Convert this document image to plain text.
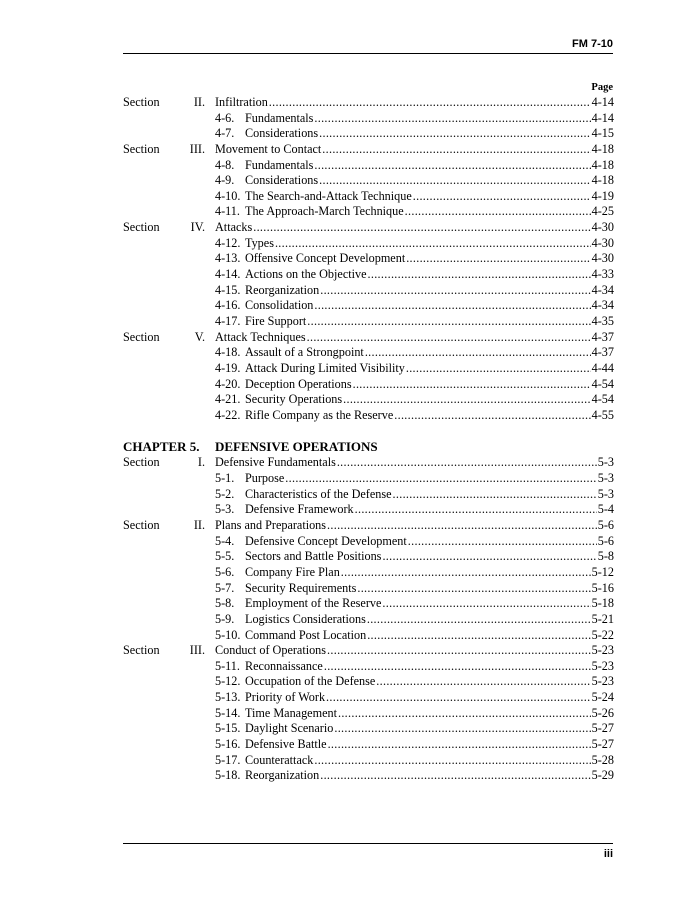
FM 7-10
Page
Section	II. Infiltration .....	4-14
4-6. Fundamentals .....	4-14
4-7. Considerations .....	4-15
Section	III. Movement to Contact .....	4-18
4-8. Fundamentals .....	4-18
4-9. Considerations .....	4-18
4-10. The Search-and-Attack Technique .....	4-19
4-11. The Approach-March Technique .....	4-25
Section	IV. Attacks .....	4-30
4-12. Types .....	4-30
4-13. Offensive Concept Development .....	4-30
4-14. Actions on the Objective .....	4-33
4-15. Reorganization .....	4-34
4-16. Consolidation .....	4-34
4-17. Fire Support .....	4-35
Section	V. Attack Techniques .....	4-37
4-18. Assault of a Strongpoint .....	4-37
4-19. Attack During Limited Visibility .....	4-44
4-20. Deception Operations .....	4-54
4-21. Security Operations .....	4-54
4-22. Rifle Company as the Reserve .....	4-55
CHAPTER 5. DEFENSIVE OPERATIONS
Section	I. Defensive Fundamentals .....	5-3
5-1. Purpose .....	5-3
5-2. Characteristics of the Defense .....	5-3
5-3. Defensive Framework .....	5-4
Section	II. Plans and Preparations .....	5-6
5-4. Defensive Concept Development .....	5-6
5-5. Sectors and Battle Positions .....	5-8
5-6. Company Fire Plan .....	5-12
5-7. Security Requirements .....	5-16
5-8. Employment of the Reserve .....	5-18
5-9. Logistics Considerations .....	5-21
5-10. Command Post Location .....	5-22
Section	III. Conduct of Operations .....	5-23
5-11. Reconnaissance .....	5-23
5-12. Occupation of the Defense .....	5-23
5-13. Priority of Work .....	5-24
5-14. Time Management .....	5-26
5-15. Daylight Scenario .....	5-27
5-16. Defensive Battle .....	5-27
5-17. Counterattack .....	5-28
5-18. Reorganization .....	5-29
iii
